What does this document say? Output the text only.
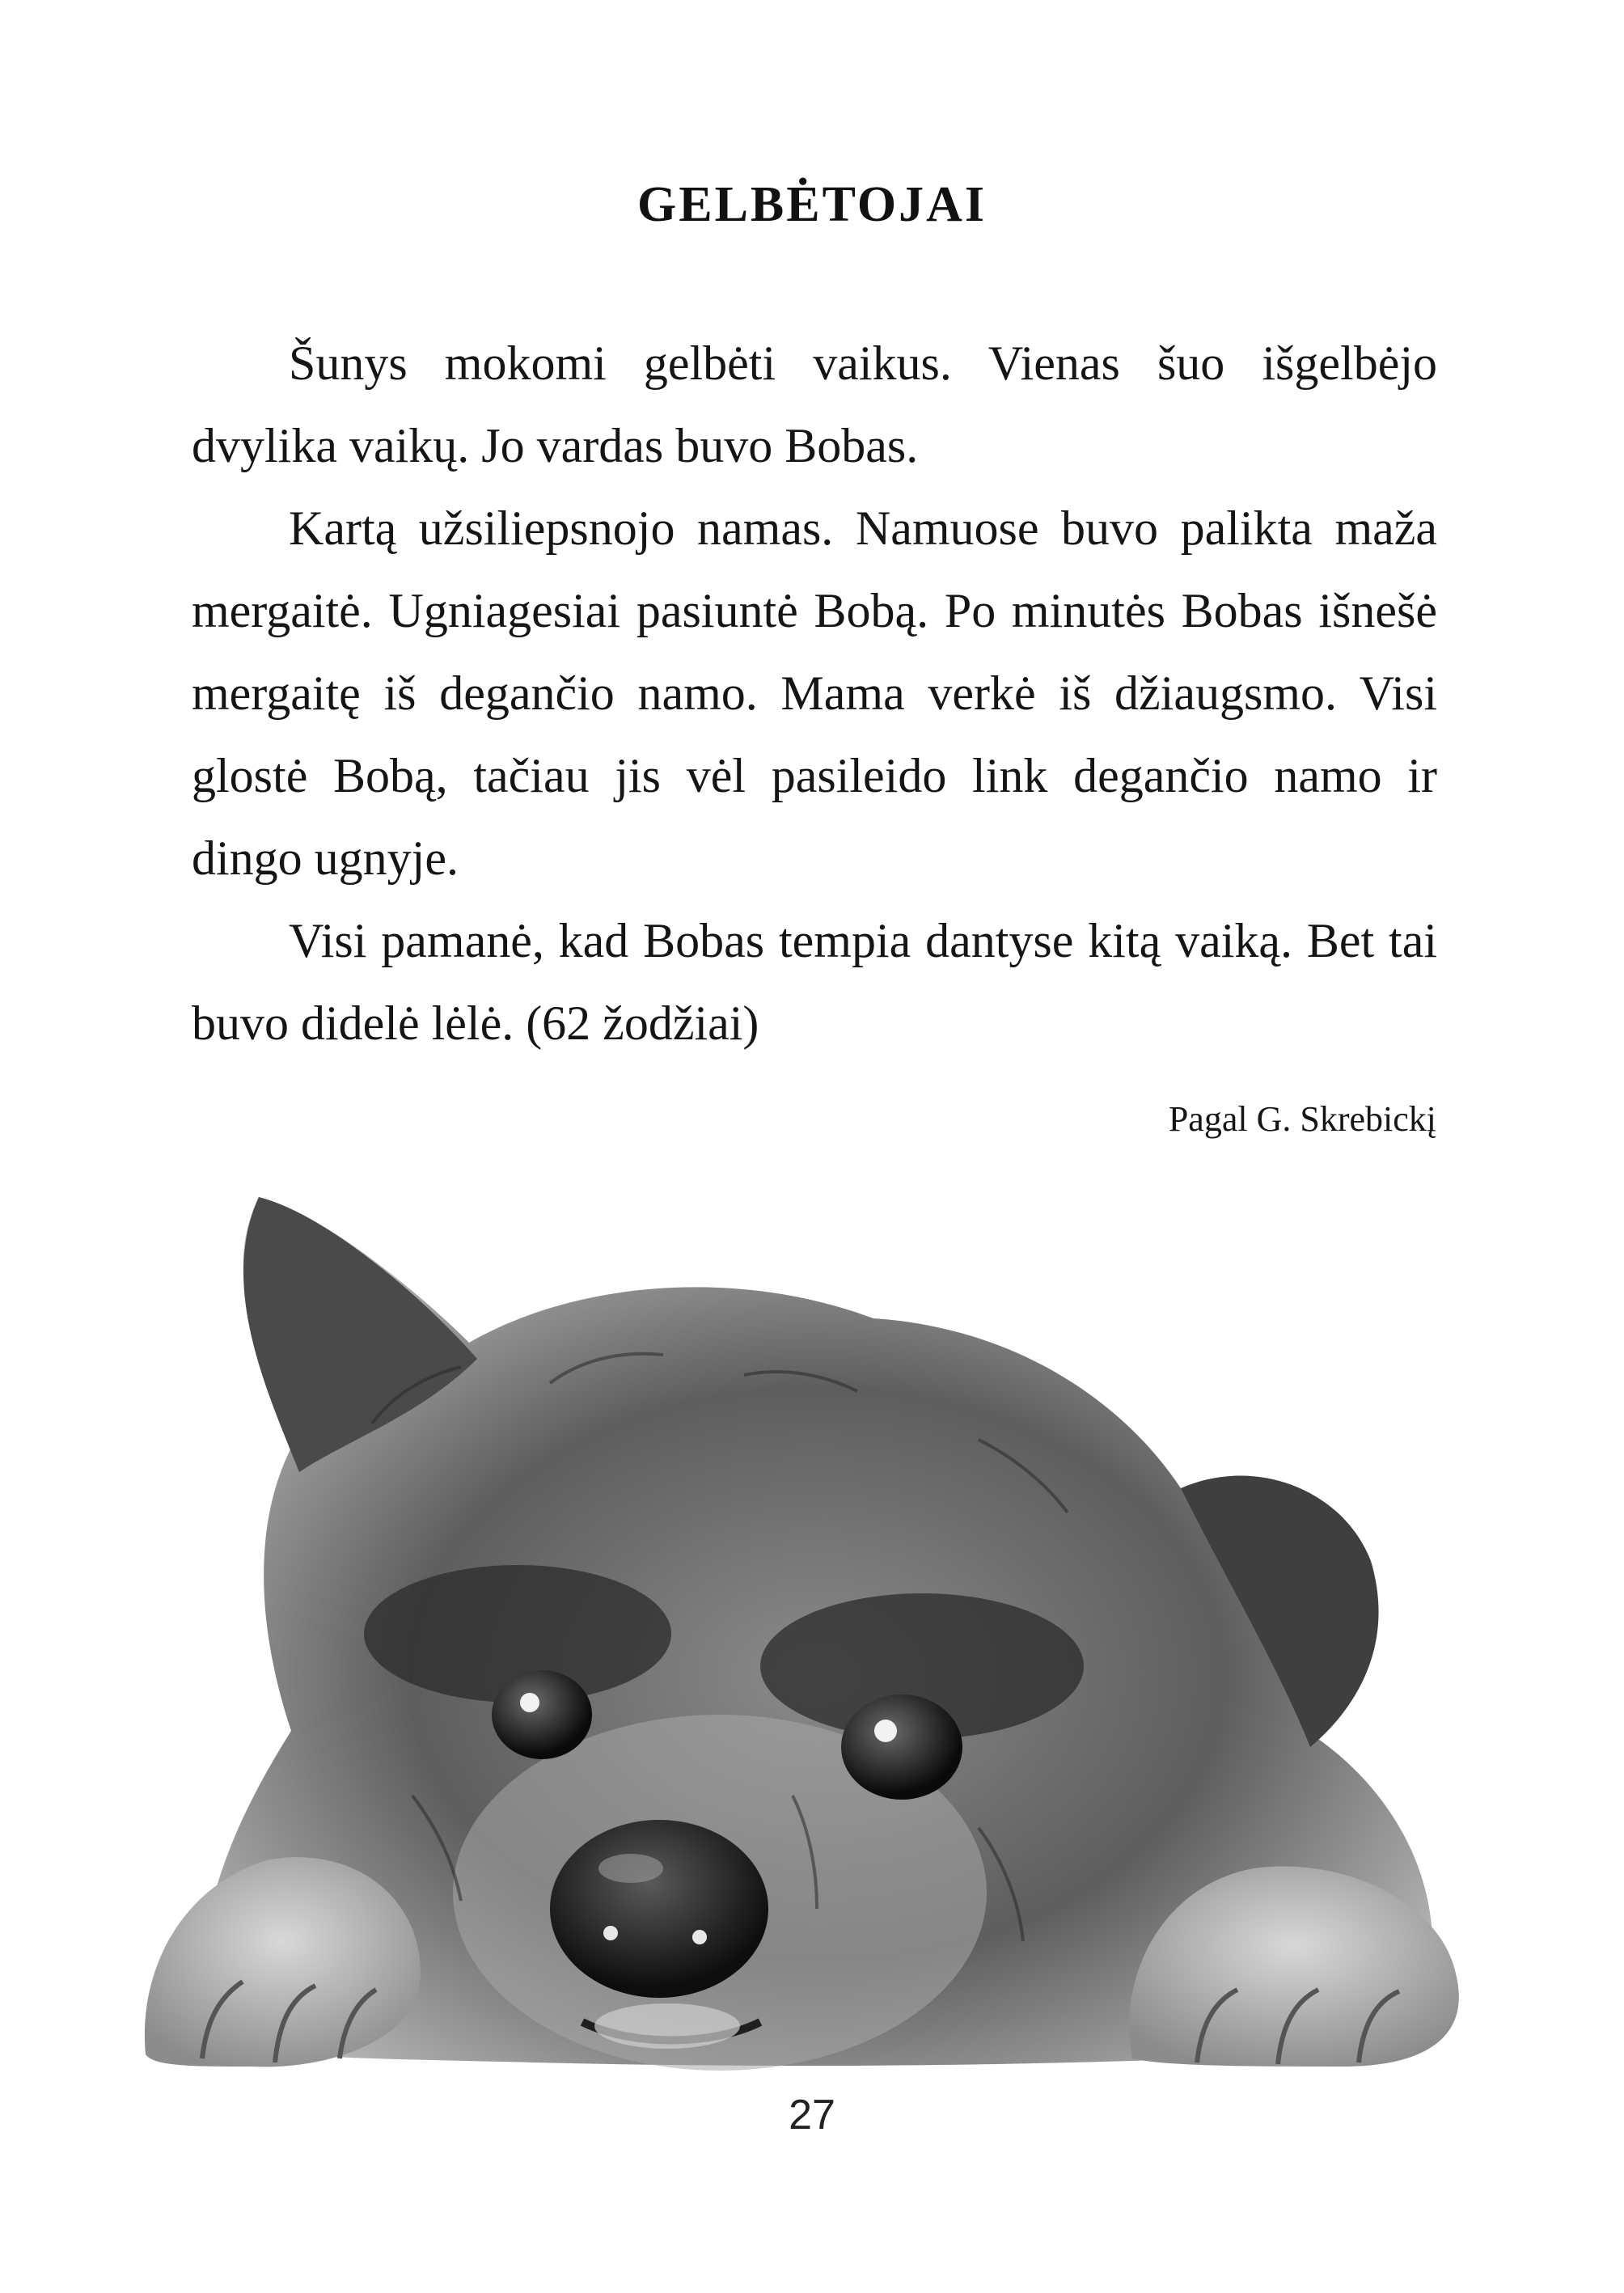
GELBĖTOJAI

Šunys mokomi gelbėti vaikus. Vienas šuo išgelbėjo dvylika vaikų. Jo vardas buvo Bobas.

Kartą užsiliepsnojo namas. Namuose buvo palikta maža mergaitė. Ugniagesiai pasiuntė Bobą. Po minutės Bobas išnešė mergaitę iš degančio namo. Mama verkė iš džiaugsmo. Visi glostė Bobą, tačiau jis vėl pasileido link degančio namo ir dingo ugnyje.

Visi pamanė, kad Bobas tempia dantyse kitą vaiką. Bet tai buvo didelė lėlė. (62 žodžiai)

Pagal G. Skrebickį
27
